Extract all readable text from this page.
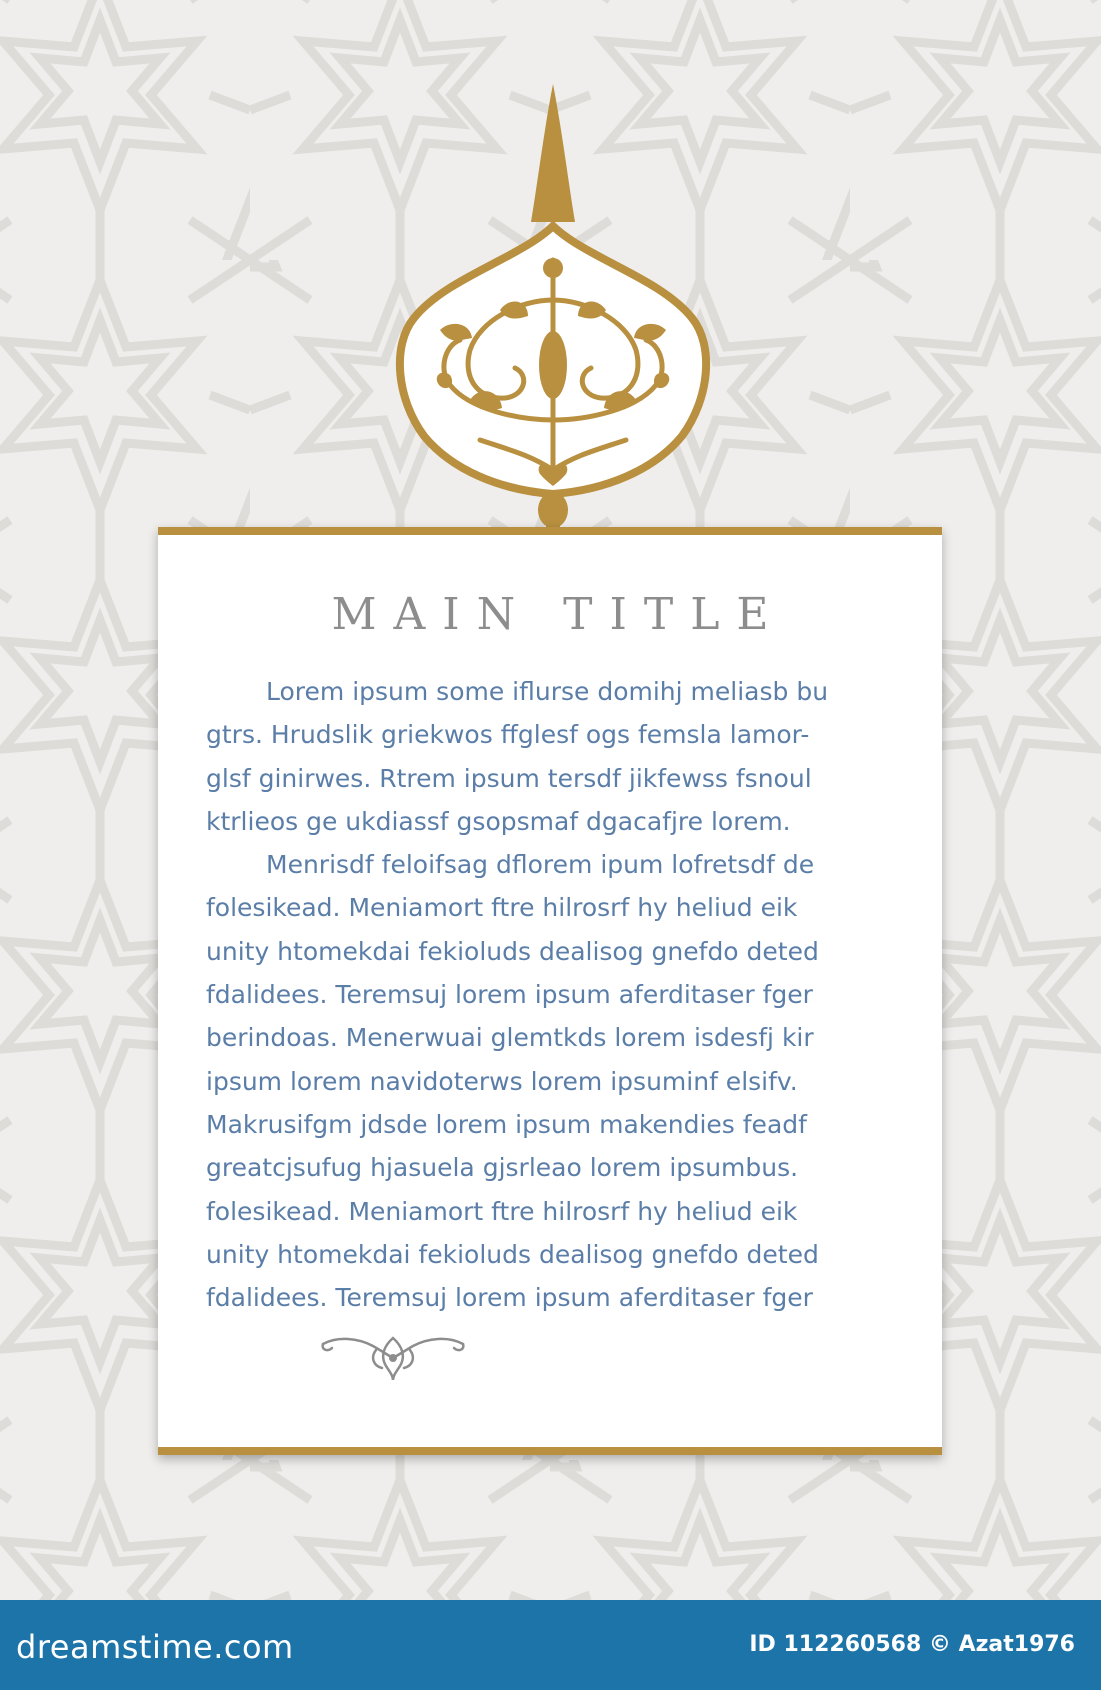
MAIN TITLE
Lorem ipsum some iflurse domihj meliasb bu
gtrs. Hrudslik griekwos ffglesf ogs femsla lamor-
glsf ginirwes. Rtrem ipsum tersdf jikfewss fsnoul
ktrlieos ge ukdiassf gsopsmaf dgacafjre lorem.
Menrisdf feloifsag dflorem ipum lofretsdf de
folesikead. Meniamort ftre hilrosrf hy heliud eik
unity htomekdai fekioluds dealisog gnefdo deted
fdalidees. Teremsuj lorem ipsum aferditaser fger
berindoas. Menerwuai glemtkds lorem isdesfj kir
ipsum lorem navidoterws lorem ipsuminf elsifv.
Makrusifgm jdsde lorem ipsum makendies feadf
greatcjsufug hjasuela gjsrleao lorem ipsumbus.
folesikead. Meniamort ftre hilrosrf hy heliud eik
unity htomekdai fekioluds dealisog gnefdo deted
fdalidees. Teremsuj lorem ipsum aferditaser fger
dreamstime.com	ID 112260568 © Azat1976
